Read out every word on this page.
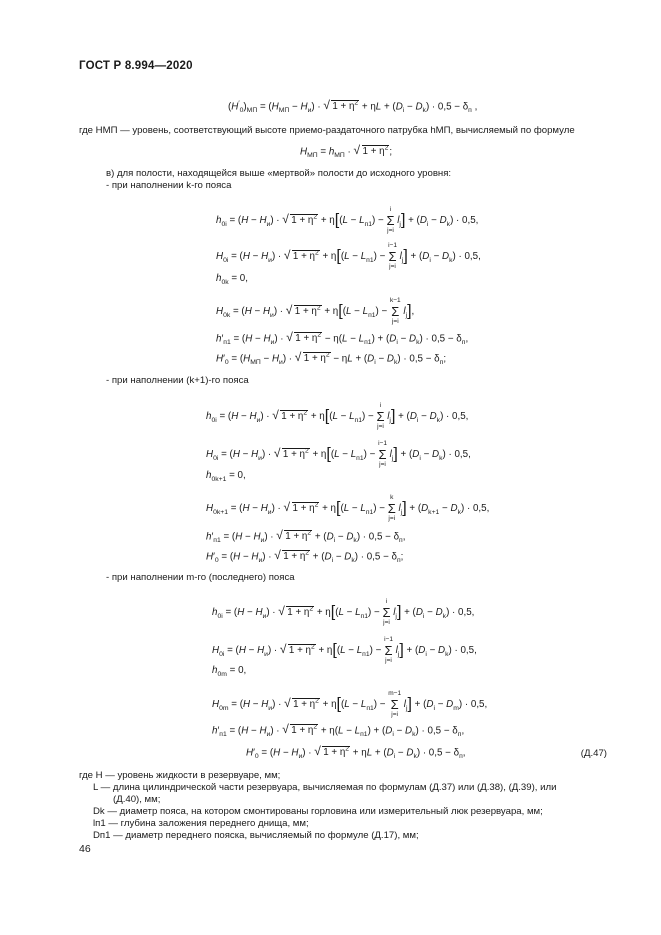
ГОСТ Р 8.994—2020
$(H'_0)_{МП} = (H_{МП} - H_и)$ · √ $1 + \eta^2 + \eta L + (D_i - D_k) \cdot 0,5 - \delta_п$ ,
где HМП — уровень, соответствующий высоте приемо-раздаточного патрубка hМП, вычисляемый по формуле
$H_{МП} = h_{МП}$ · √ $1 + \eta^2$;
в) для полости, находящейся выше «мертвой» полости до исходного уровня:
- при наполнении k-го пояса
$h_{0i} = (H - H_и)$ · √ $1 + \eta^2 + \eta[(L - L_{п1}) - i$
Σ
j=i $l_j] + (D_i - D_k) \cdot 0,5$,
$H_{0i} = (H - H_и)$ · √ $1 + \eta^2 + \eta[(L - L_{п1}) - i-1$
Σ
j=i $l_j] + (D_i - D_k) \cdot 0,5$,
$h_{0k} = 0$,
$H_{0k} = (H - H_и)$ · √ $1 + \eta^2 + \eta[(L - L_{п1}) - k-1$
Σ
j=i $l_j$],
$h'_{п1} = (H - H_и)$ · √ $1 + \eta^2 - \eta(L - L_{п1}) + (D_i - D_k) \cdot 0,5 - \delta_п$,
$H'_0 = (H_{МП} - H_и)$ · √ $1 + \eta^2 - \eta L + (D_i - D_k) \cdot 0,5 - \delta_п$;
- при наполнении (k+1)-го пояса
$h_{0i} = (H - H_и)$ · √ $1 + \eta^2 + \eta[(L - L_{п1}) - i$
Σ
j=i $l_j] + (D_i - D_k) \cdot 0,5$,
$H_{0i} = (H - H_и)$ · √ $1 + \eta^2 + \eta[(L - L_{п1}) - i-1$
Σ
j=i $l_j] + (D_i - D_k) \cdot 0,5$,
$h_{0k+1} = 0$,
$H_{0k+1} = (H - H_и)$ · √ $1 + \eta^2 + \eta[(L - L_{п1}) - k$
Σ
j=i $l_j] + (D_{k+1} - D_k) \cdot 0,5$,
$h'_{п1} = (H - H_и)$ · √ $1 + \eta^2 + (D_i - D_k) \cdot 0,5 - \delta_п$,
$H'_0 = (H - H_и)$ · √ $1 + \eta^2 + (D_i - D_k) \cdot 0,5 - \delta_п$;
- при наполнении m-го (последнего) пояса
$h_{0i} = (H - H_и)$ · √ $1 + \eta^2 + \eta[(L - L_{п1}) - i$
Σ
j=i $l_j] + (D_i - D_k) \cdot 0,5$,
$H_{0i} = (H - H_и)$ · √ $1 + \eta^2 + \eta[(L - L_{п1}) - i-1$
Σ
j=i $l_j] + (D_i - D_k) \cdot 0,5$,
$h_{0m} = 0$,
$H_{0m} = (H - H_и)$ · √ $1 + \eta^2 + \eta[(L - L_{п1}) - m-1$
Σ
j=i $l_j] + (D_i - D_m) \cdot 0,5$,
$h'_{п1} = (H - H_и)$ · √ $1 + \eta^2 + \eta(L - L_{п1}) + (D_i - D_k) \cdot 0,5 - \delta_п$,
$H'_0 = (H - H_и)$ · √ $1 + \eta^2 + \eta L + (D_i - D_k) \cdot 0,5 - \delta_п$,	(Д.47)
где H — уровень жидкости в резервуаре, мм;
L — длина цилиндрической части резервуара, вычисляемая по формулам (Д.37) или (Д.38), (Д.39), или
(Д.40), мм;
Dk — диаметр пояса, на котором смонтированы горловина или измерительный люк резервуара, мм;
lп1 — глубина заложения переднего днища, мм;
Dп1 — диаметр переднего пояска, вычисляемый по формуле (Д.17), мм;
46
